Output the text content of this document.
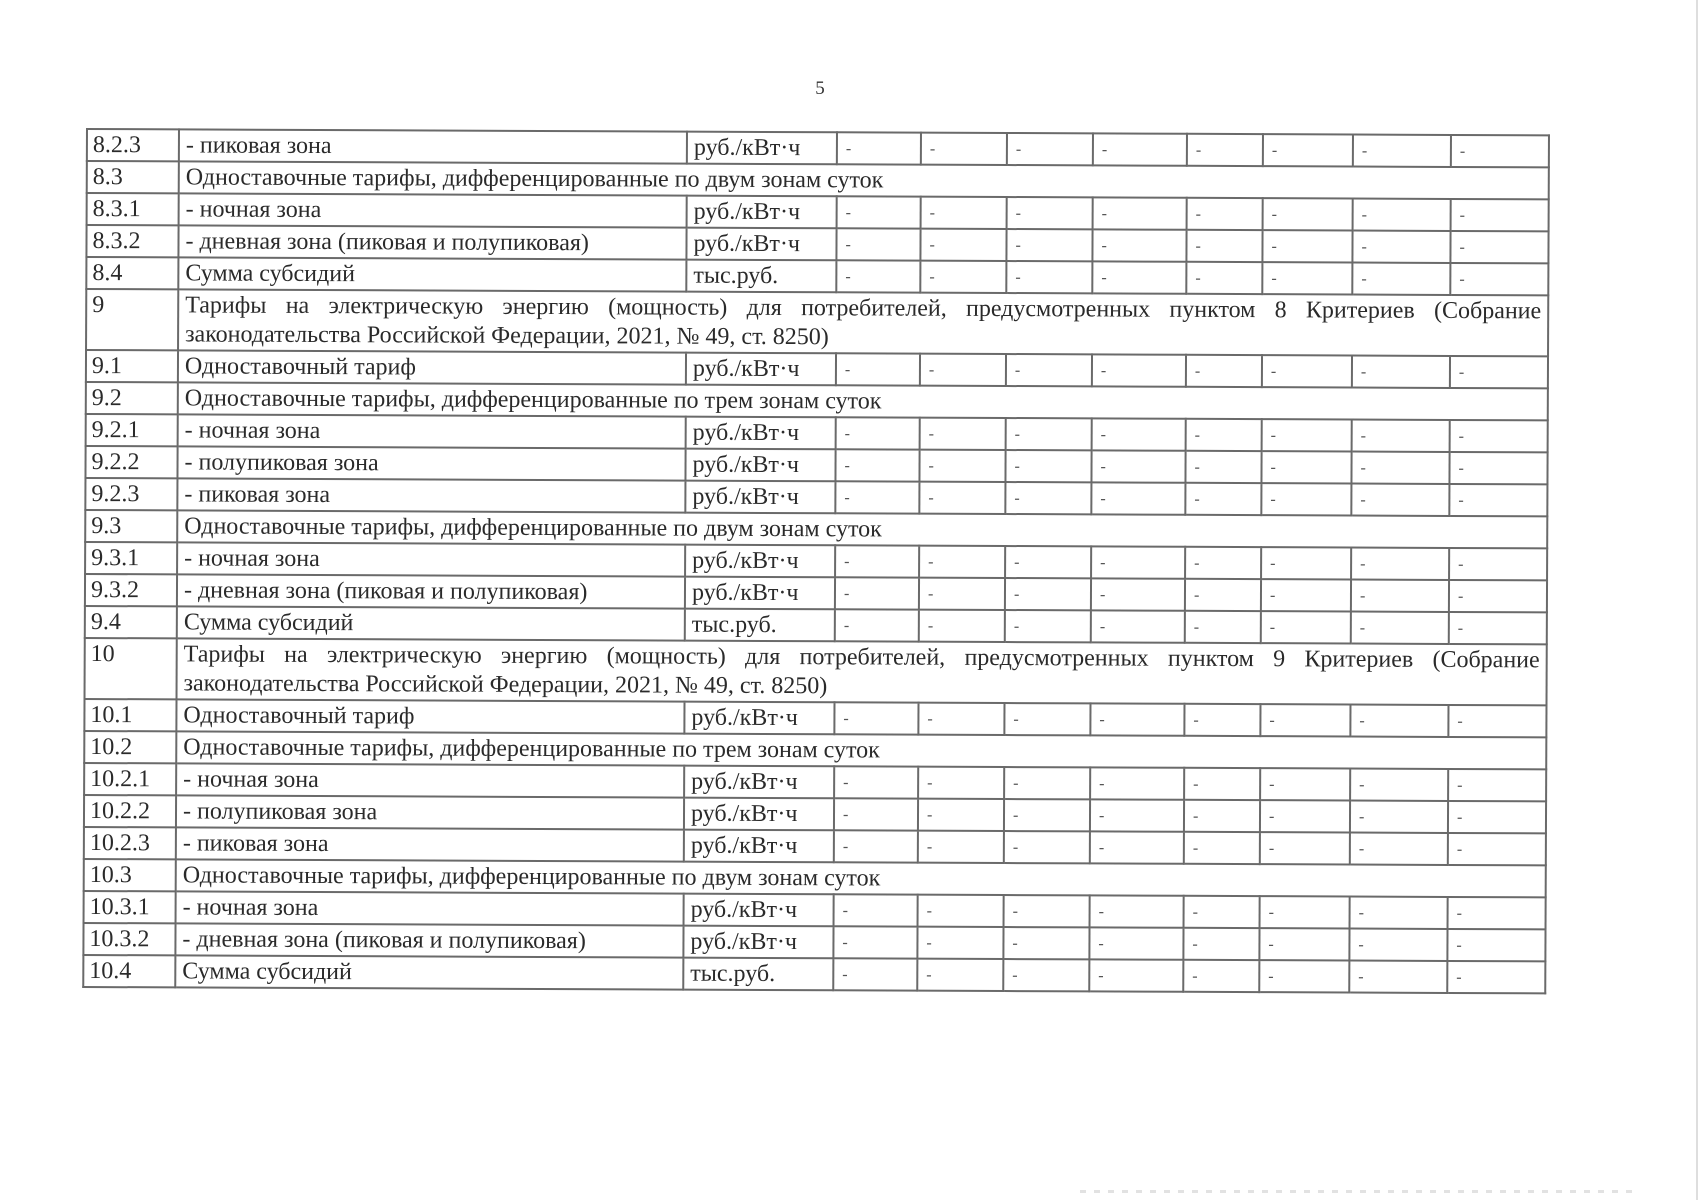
5
8.2.3	- пиковая зона	руб./кВт·ч	-	-	-	-	-	-	-	-
8.3	Одноставочные тарифы, дифференцированные по двум зонам суток									
8.3.1	- ночная зона	руб./кВт·ч	-	-	-	-	-	-	-	-
8.3.2	- дневная зона (пиковая и полупиковая)	руб./кВт·ч	-	-	-	-	-	-	-	-
8.4	Сумма субсидий	тыс.руб.	-	-	-	-	-	-	-	-
9	Тарифы на электрическую энергию (мощность) для потребителей, предусмотренных пунктом 8 Критериев (Собрание законодательства Российской Федерации, 2021, № 49, ст. 8250)									
9.1	Одноставочный тариф	руб./кВт·ч	-	-	-	-	-	-	-	-
9.2	Одноставочные тарифы, дифференцированные по трем зонам суток									
9.2.1	- ночная зона	руб./кВт·ч	-	-	-	-	-	-	-	-
9.2.2	- полупиковая зона	руб./кВт·ч	-	-	-	-	-	-	-	-
9.2.3	- пиковая зона	руб./кВт·ч	-	-	-	-	-	-	-	-
9.3	Одноставочные тарифы, дифференцированные по двум зонам суток									
9.3.1	- ночная зона	руб./кВт·ч	-	-	-	-	-	-	-	-
9.3.2	- дневная зона (пиковая и полупиковая)	руб./кВт·ч	-	-	-	-	-	-	-	-
9.4	Сумма субсидий	тыс.руб.	-	-	-	-	-	-	-	-
10	Тарифы на электрическую энергию (мощность) для потребителей, предусмотренных пунктом 9 Критериев (Собрание законодательства Российской Федерации, 2021, № 49, ст. 8250)									
10.1	Одноставочный тариф	руб./кВт·ч	-	-	-	-	-	-	-	-
10.2	Одноставочные тарифы, дифференцированные по трем зонам суток									
10.2.1	- ночная зона	руб./кВт·ч	-	-	-	-	-	-	-	-
10.2.2	- полупиковая зона	руб./кВт·ч	-	-	-	-	-	-	-	-
10.2.3	- пиковая зона	руб./кВт·ч	-	-	-	-	-	-	-	-
10.3	Одноставочные тарифы, дифференцированные по двум зонам суток									
10.3.1	- ночная зона	руб./кВт·ч	-	-	-	-	-	-	-	-
10.3.2	- дневная зона (пиковая и полупиковая)	руб./кВт·ч	-	-	-	-	-	-	-	-
10.4	Сумма субсидий	тыс.руб.	-	-	-	-	-	-	-	-
